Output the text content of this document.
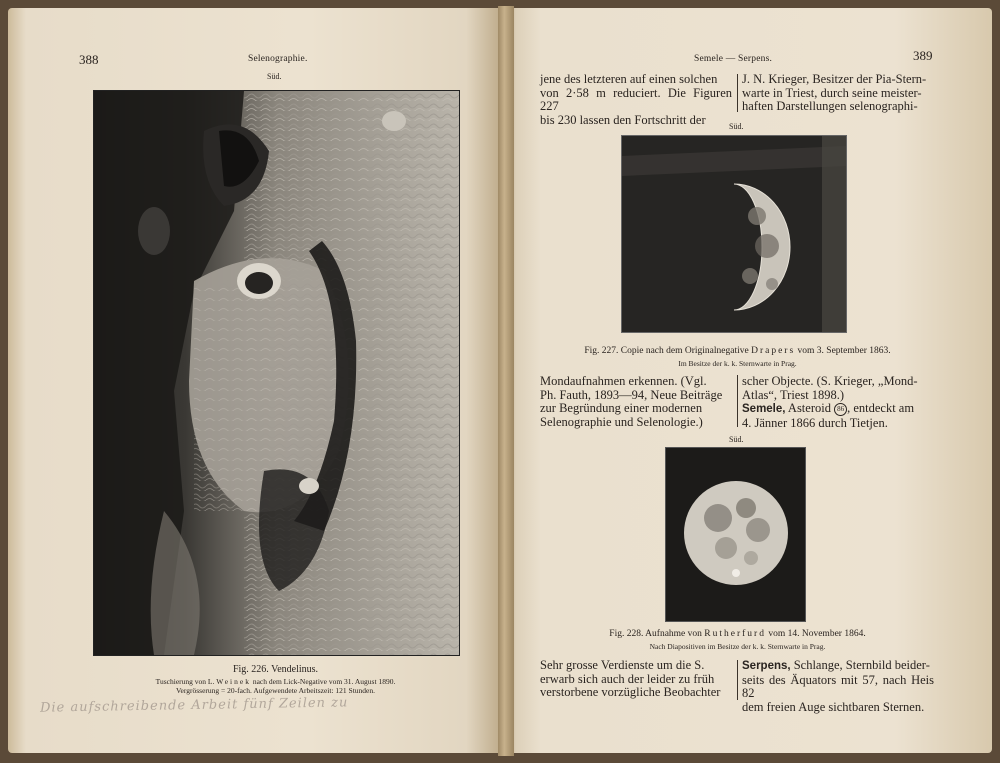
388	Selenographie.
Süd.
Fig. 226. Vendelinus.
Tuschierung von L. Weinek nach dem Lick-Negative vom 31. August 1890.
Vergrösserung = 20-fach. Aufgewendete Arbeitszeit: 121 Stunden.
Die aufschreibende Arbeit fünf Zeilen zu
Semele — Serpens.	389

jene des letzteren auf einen solchen

von 2·58 m reduciert. Die Figuren 227

bis 230 lassen den Fortschritt der

J. N. Krieger, Besitzer der Pia-Stern-

warte in Triest, durch seine meister-

haften Darstellungen selenographi-

Süd.
Fig. 227. Copie nach dem Originalnegative Drapers vom 3. September 1863.
Im Besitze der k. k. Sternwarte in Prag.

Mondaufnahmen erkennen. (Vgl.

Ph. Fauth, 1893—94, Neue Beiträge

zur Begründung einer modernen

Selenographie und Selenologie.)

scher Objecte. (S. Krieger, „Mond-

Atlas“, Triest 1898.)

Semele, Asteroid 86 , entdeckt am

4. Jänner 1866 durch Tietjen.

Süd.
Fig. 228. Aufnahme von Rutherfurd vom 14. November 1864.
Nach Diapositiven im Besitze der k. k. Sternwarte in Prag.

Sehr grosse Verdienste um die S.

erwarb sich auch der leider zu früh

verstorbene vorzügliche Beobachter

Serpens, Schlange, Sternbild beider-

seits des Äquators mit 57, nach Heis 82

dem freien Auge sichtbaren Sternen.
